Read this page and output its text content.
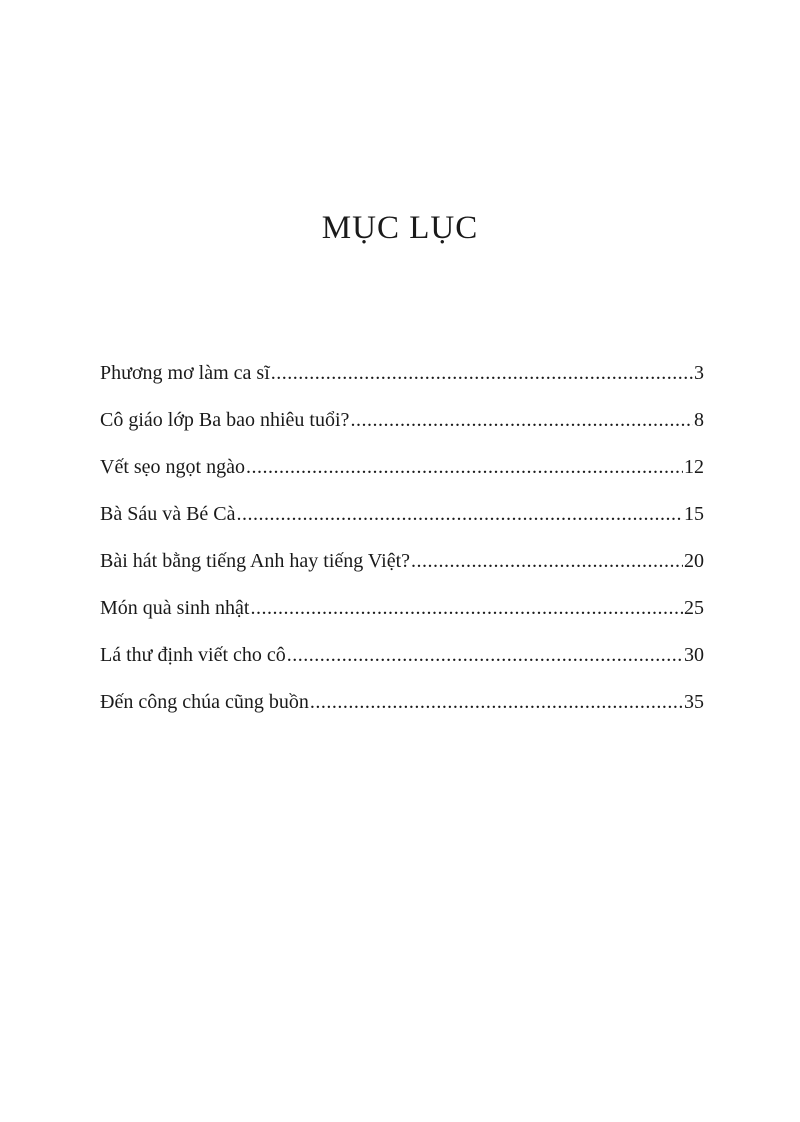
MỤC LỤC
Phương mơ làm ca sĩ .....	3
Cô giáo lớp Ba bao nhiêu tuổi? .....	8
Vết sẹo ngọt ngào .....	12
Bà Sáu và Bé Cà .....	15
Bài hát bằng tiếng Anh hay tiếng Việt? .....	20
Món quà sinh nhật .....	25
Lá thư định viết cho cô .....	30
Đến công chúa cũng buồn .....	35
